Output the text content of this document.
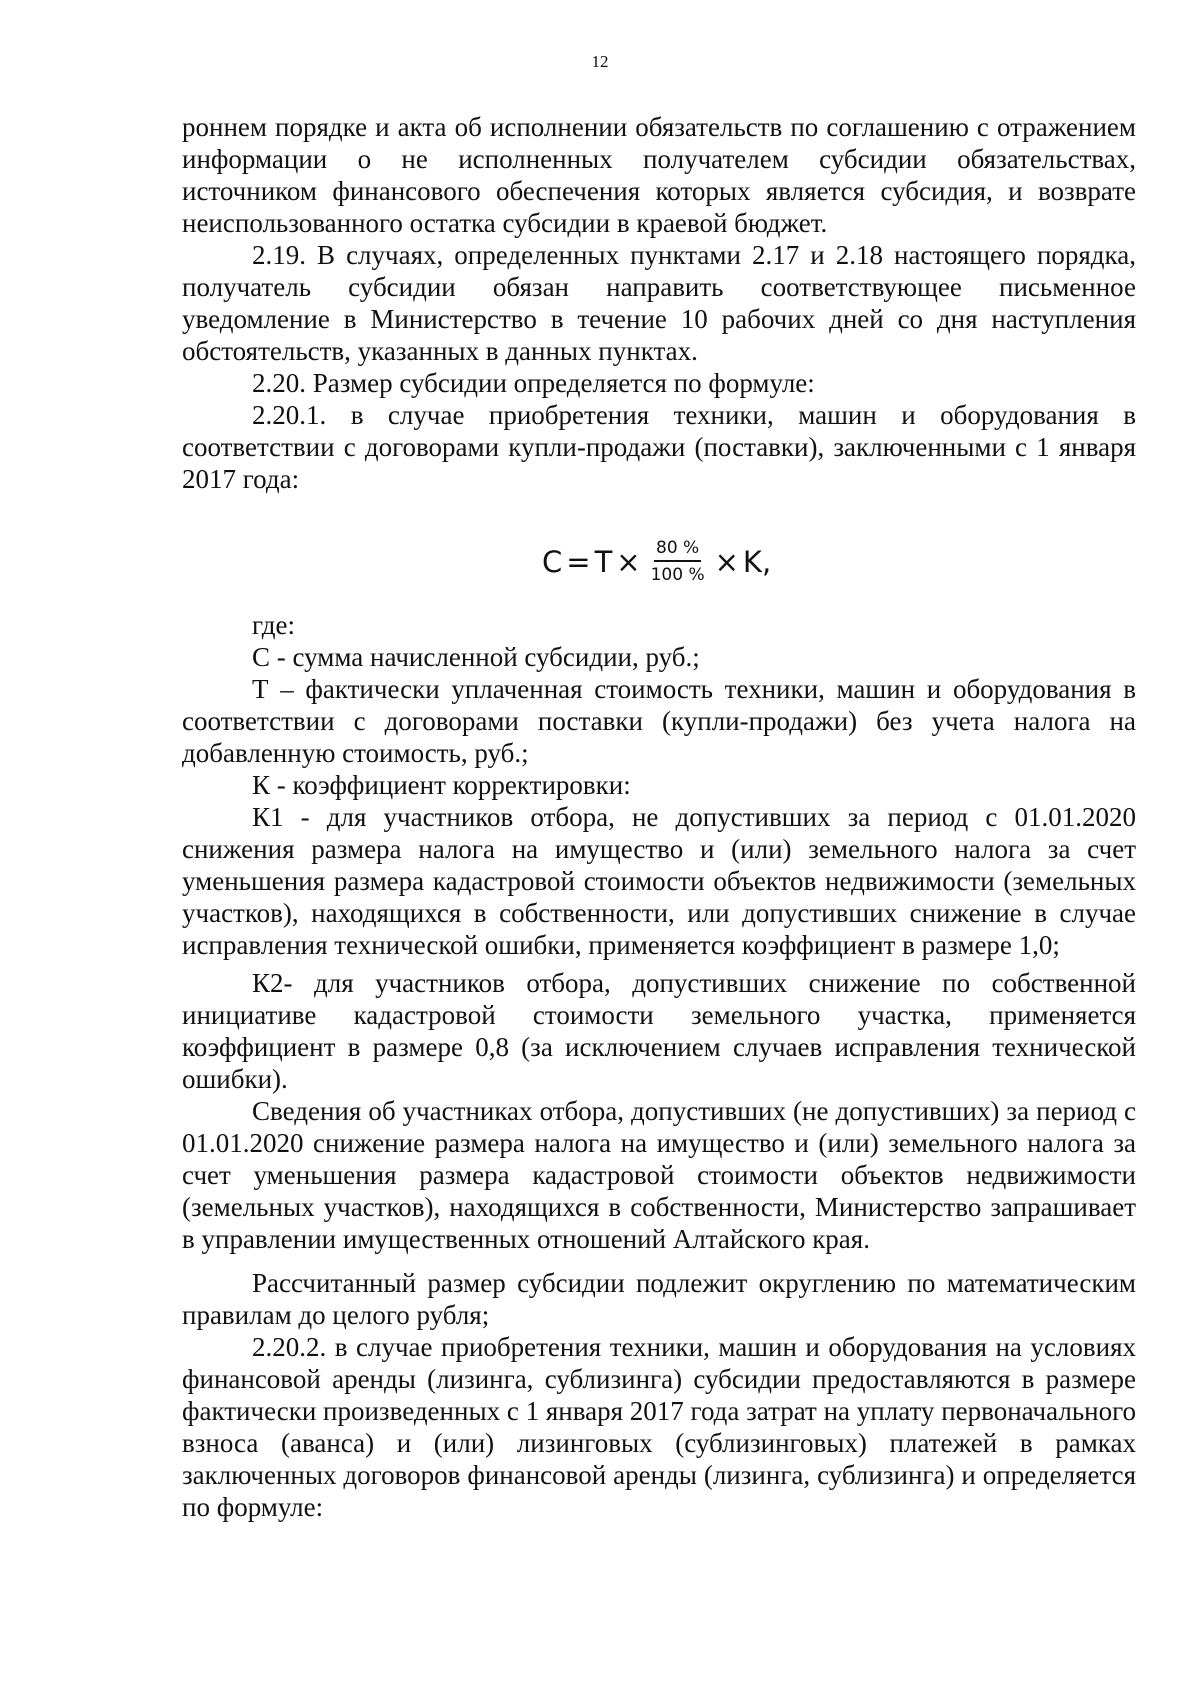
12

роннем порядке и акта об исполнении обязательств по соглашению с отражением информации о не исполненных получателем субсидии обязательствах, источником финансового обеспечения которых является субсидия, и возврате неиспользованного остатка субсидии в краевой бюджет.

2.19. В случаях, определенных пунктами 2.17 и 2.18 настоящего порядка, получатель субсидии обязан направить соответствующее письменное уведомление в Министерство в течение 10 рабочих дней со дня наступления обстоятельств, указанных в данных пунктах.

2.20. Размер субсидии определяется по формуле:

2.20.1. в случае приобретения техники, машин и оборудования в соответствии с договорами купли-продажи (поставки), заключенными с 1 января 2017 года:

$C = T \times \frac{80 \%}{100 \%} \times K$,

где:

С - сумма начисленной субсидии, руб.;

Т – фактически уплаченная стоимость техники, машин и оборудования в соответствии с договорами поставки (купли-продажи) без учета налога на добавленную стоимость, руб.;

К - коэффициент корректировки:

К1 - для участников отбора, не допустивших за период с 01.01.2020 снижения размера налога на имущество и (или) земельного налога за счет уменьшения размера кадастровой стоимости объектов недвижимости (земельных участков), находящихся в собственности, или допустивших снижение в случае исправления технической ошибки, применяется коэффициент в размере 1,0;

К2- для участников отбора, допустивших снижение по собственной инициативе кадастровой стоимости земельного участка, применяется коэффициент в размере 0,8 (за исключением случаев исправления технической ошибки).

Сведения об участниках отбора, допустивших (не допустивших) за период с 01.01.2020 снижение размера налога на имущество и (или) земельного налога за счет уменьшения размера кадастровой стоимости объектов недвижимости (земельных участков), находящихся в собственности, Министерство запрашивает в управлении имущественных отношений Алтайского края.

Рассчитанный размер субсидии подлежит округлению по математическим правилам до целого рубля;

2.20.2. в случае приобретения техники, машин и оборудования на условиях финансовой аренды (лизинга, сублизинга) субсидии предоставляются в размере фактически произведенных с 1 января 2017 года затрат на уплату первоначального взноса (аванса) и (или) лизинговых (сублизинговых) платежей в рамках заключенных договоров финансовой аренды (лизинга, сублизинга) и определяется по формуле:
